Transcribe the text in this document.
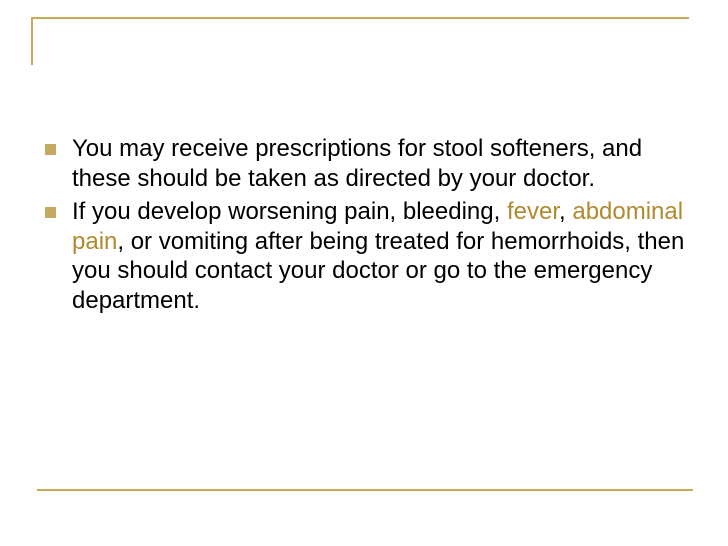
You may receive prescriptions for stool softeners, and these should be taken as directed by your doctor.
If you develop worsening pain, bleeding, fever, abdominal pain, or vomiting after being treated for hemorrhoids, then you should contact your doctor or go to the emergency department.
